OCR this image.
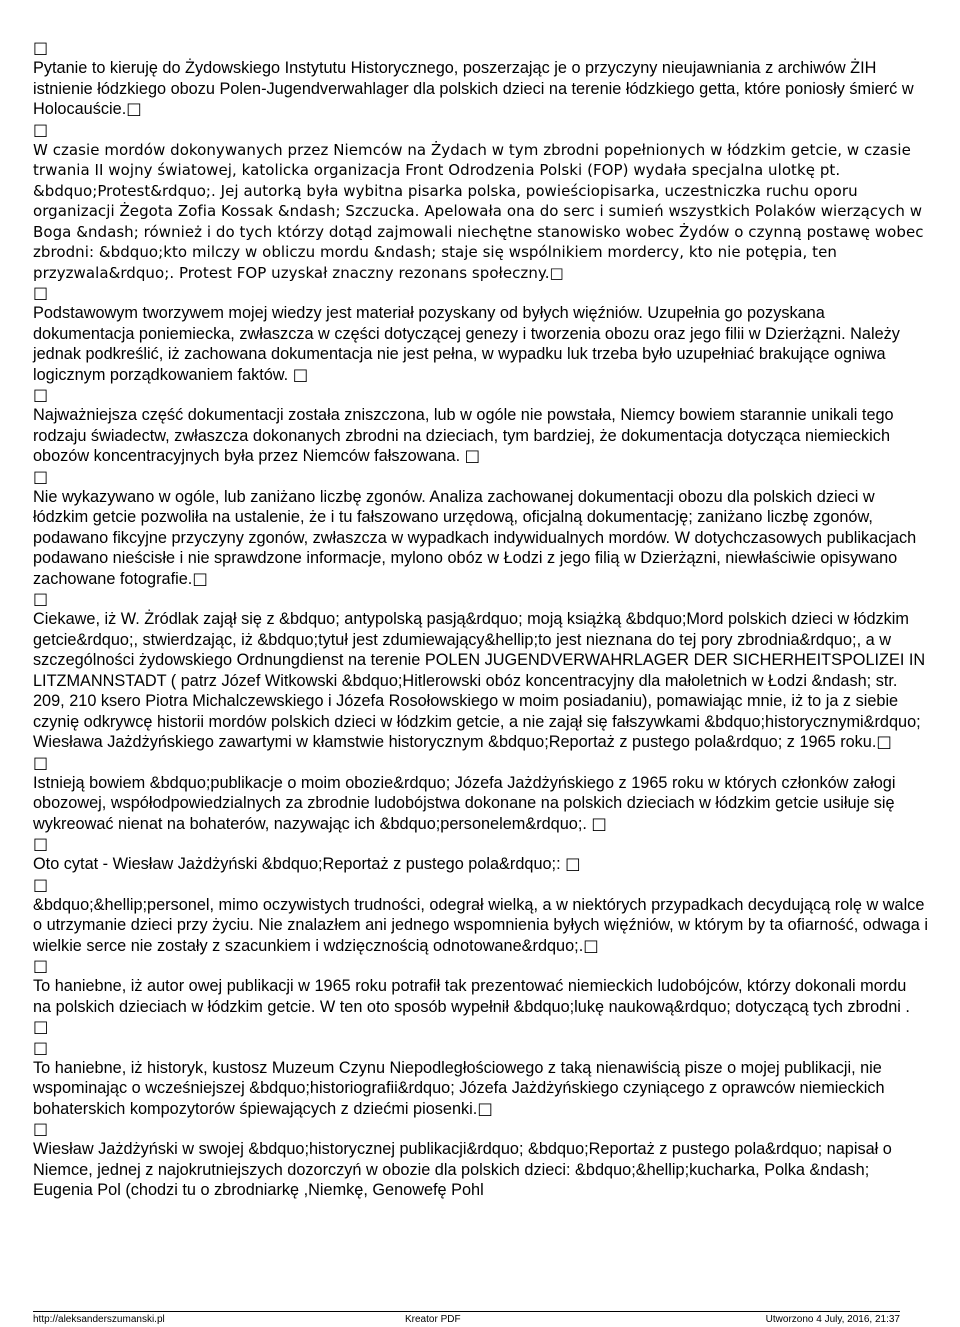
□

Pytanie to kieruję do Żydowskiego Instytutu Historycznego, poszerzając je o przyczyny nieujawniania z archiwów ŻIH istnienie łódzkiego obozu Polen-Jugendverwahlager dla polskich dzieci na terenie łódzkiego getta, które poniosły śmierć w Holocauście.□

□

W czasie mordów dokonywanych przez Niemców na Żydach w tym zbrodni popełnionych w łódzkim getcie, w czasie trwania II wojny światowej, katolicka organizacja Front Odrodzenia Polski (FOP) wydała specjalna ulotkę pt. &bdquo;Protest&rdquo;. Jej autorką była wybitna pisarka polska, powieściopisarka, uczestniczka ruchu oporu organizacji Żegota Zofia Kossak &ndash; Szczucka. Apelowała ona do serc i sumień wszystkich Polaków wierzących w Boga &ndash; również i do tych którzy dotąd zajmowali niechętne stanowisko wobec Żydów o czynną postawę wobec zbrodni: &bdquo;kto milczy w obliczu mordu &ndash; staje się wspólnikiem mordercy, kto nie potępia, ten przyzwala&rdquo;. Protest FOP uzyskał znaczny rezonans społeczny.□

□

Podstawowym tworzywem mojej wiedzy jest materiał pozyskany od byłych więźniów. Uzupełnia go pozyskana dokumentacja poniemiecka, zwłaszcza w części dotyczącej genezy i tworzenia obozu oraz jego filii w Dzierżązni. Należy jednak podkreślić, iż zachowana dokumentacja nie jest pełna, w wypadku luk trzeba było uzupełniać brakujące ogniwa logicznym porządkowaniem faktów. □

□

Najważniejsza część dokumentacji została zniszczona, lub w ogóle nie powstała, Niemcy bowiem starannie unikali tego rodzaju świadectw, zwłaszcza dokonanych zbrodni na dzieciach, tym bardziej, że dokumentacja dotycząca niemieckich obozów koncentracyjnych była przez Niemców fałszowana. □

□

Nie wykazywano w ogóle, lub zaniżano liczbę zgonów. Analiza zachowanej dokumentacji obozu dla polskich dzieci w łódzkim getcie pozwoliła na ustalenie, że i tu fałszowano urzędową, oficjalną dokumentację; zaniżano liczbę zgonów, podawano fikcyjne przyczyny zgonów, zwłaszcza w wypadkach indywidualnych mordów. W dotychczasowych publikacjach podawano nieścisłe i nie sprawdzone informacje, mylono obóz w Łodzi z jego filią w Dzierżązni, niewłaściwie opisywano zachowane fotografie.□

□

Ciekawe, iż W. Żródlak zajął się z &bdquo; antypolską pasją&rdquo; moją książką &bdquo;Mord polskich dzieci w łódzkim getcie&rdquo;, stwierdzając, iż &bdquo;tytuł jest zdumiewający&hellip;to jest nieznana do tej pory zbrodnia&rdquo;, a w szczególności żydowskiego Ordnungdienst na terenie POLEN JUGENDVERWAHRLAGER DER SICHERHEITSPOLIZEI IN LITZMANNSTADT ( patrz Józef Witkowski &bdquo;Hitlerowski obóz koncentracyjny dla małoletnich w Łodzi &ndash; str. 209, 210 ksero Piotra Michalczewskiego i Józefa Rosołowskiego w moim posiadaniu), pomawiając mnie, iż to ja z siebie czynię odkrywcę historii mordów polskich dzieci w łódzkim getcie, a nie zajął się fałszywkami &bdquo;historycznymi&rdquo; Wiesława Jażdżyńskiego zawartymi w kłamstwie historycznym &bdquo;Reportaż z pustego pola&rdquo; z 1965 roku.□

□

Istnieją bowiem &bdquo;publikacje o moim obozie&rdquo; Józefa Jażdżyńskiego z 1965 roku w których członków załogi obozowej, współodpowiedzialnych za zbrodnie ludobójstwa dokonane na polskich dzieciach w łódzkim getcie usiłuje się wykreować nienat na bohaterów, nazywając ich &bdquo;personelem&rdquo;. □

□

Oto cytat - Wiesław Jażdżyński &bdquo;Reportaż z pustego pola&rdquo;: □

□

&bdquo;&hellip;personel, mimo oczywistych trudności, odegrał wielką, a w niektórych przypadkach decydującą rolę w walce o utrzymanie dzieci przy życiu. Nie znalazłem ani jednego wspomnienia byłych więźniów, w którym by ta ofiarność, odwaga i wielkie serce nie zostały z szacunkiem i wdzięcznością odnotowane&rdquo;.□

□

To haniebne, iż autor owej publikacji w 1965 roku potrafił tak prezentować niemieckich ludobójców, którzy dokonali mordu na polskich dzieciach w łódzkim getcie. W ten oto sposób wypełnił &bdquo;lukę naukową&rdquo; dotyczącą tych zbrodni . □

□

To haniebne, iż historyk, kustosz Muzeum Czynu Niepodległościowego z taką nienawiścią pisze o mojej publikacji, nie wspominając o wcześniejszej &bdquo;historiografii&rdquo; Józefa Jażdżyńskiego czyniącego z oprawców niemieckich bohaterskich kompozytorów śpiewających z dziećmi piosenki.□

□

Wiesław Jażdżyński w swojej &bdquo;historycznej publikacji&rdquo; &bdquo;Reportaż z pustego pola&rdquo; napisał o Niemce, jednej z najokrutniejszych dozorczyń w obozie dla polskich dzieci: &bdquo;&hellip;kucharka, Polka &ndash; Eugenia Pol (chodzi tu o zbrodniarkę ,Niemkę, Genowefę Pohl

http://aleksanderszumanski.pl	Kreator PDF	Utworzono 4 July, 2016, 21:37
